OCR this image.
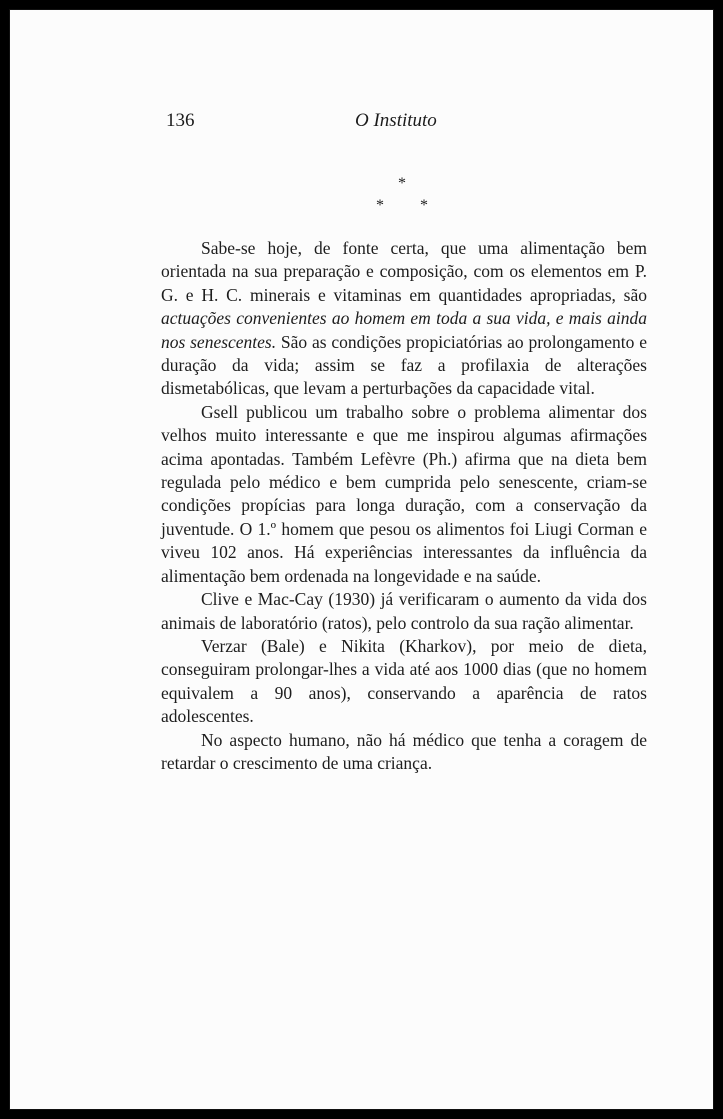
136	O Instituto
*
* *

Sabe-se hoje, de fonte certa, que uma alimentação bem orientada na sua preparação e composição, com os elementos em P. G. e H. C. minerais e vitaminas em quantidades apropriadas, são actuações convenientes ao homem em toda a sua vida, e mais ainda nos senescentes. São as condições propiciatórias ao prolongamento e duração da vida; assim se faz a profilaxia de alterações dismetabólicas, que levam a perturbações da capacidade vital.

Gsell publicou um trabalho sobre o problema alimentar dos velhos muito interessante e que me inspirou algumas afirmações acima apontadas. Também Lefèvre (Ph.) afirma que na dieta bem regulada pelo médico e bem cumprida pelo senescente, criam-se condições propícias para longa duração, com a conservação da juventude. O 1.º homem que pesou os alimentos foi Liugi Corman e viveu 102 anos. Há experiências interessantes da influência da alimentação bem ordenada na longevidade e na saúde.

Clive e Mac-Cay (1930) já verificaram o aumento da vida dos animais de laboratório (ratos), pelo controlo da sua ração alimentar.

Verzar (Bale) e Nikita (Kharkov), por meio de dieta, conseguiram prolongar-lhes a vida até aos 1000 dias (que no homem equivalem a 90 anos), conservando a aparência de ratos adolescentes.

No aspecto humano, não há médico que tenha a coragem de retardar o crescimento de uma criança.
